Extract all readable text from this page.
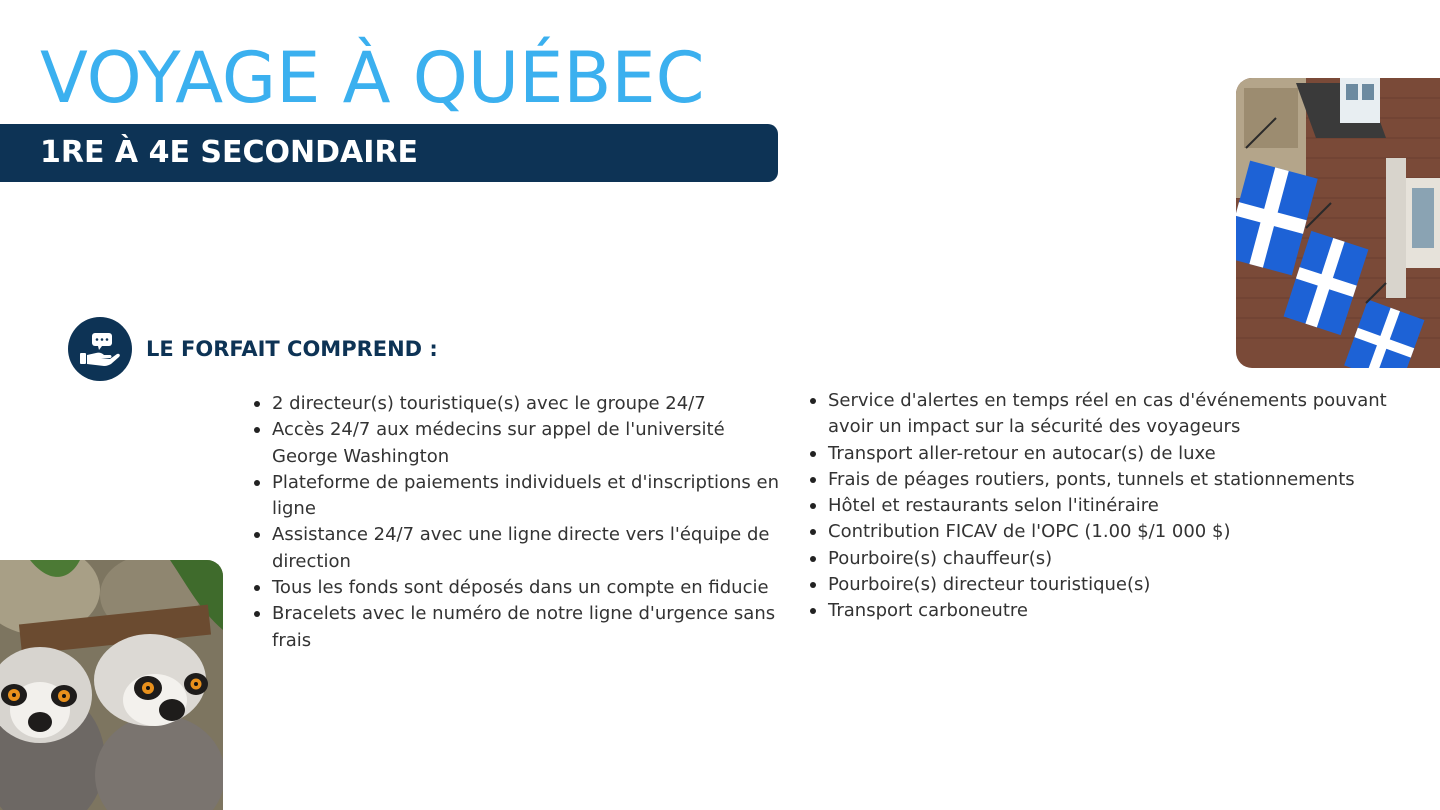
VOYAGE À QUÉBEC
1RE À 4E SECONDAIRE
LE FORFAIT COMPREND :
2 directeur(s) touristique(s) avec le groupe 24/7
Accès 24/7 aux médecins sur appel de l'université George Washington
Plateforme de paiements individuels et d'inscriptions en ligne
Assistance 24/7 avec une ligne directe vers l'équipe de direction
Tous les fonds sont déposés dans un compte en fiducie
Bracelets avec le numéro de notre ligne d'urgence sans frais
Service d'alertes en temps réel en cas d'événements pouvant avoir un impact sur la sécurité des voyageurs
Transport aller-retour en autocar(s) de luxe
Frais de péages routiers, ponts, tunnels et stationnements
Hôtel et restaurants selon l'itinéraire
Contribution FICAV de l'OPC (1.00 $/1 000 $)
Pourboire(s) chauffeur(s)
Pourboire(s) directeur touristique(s)
Transport carboneutre
